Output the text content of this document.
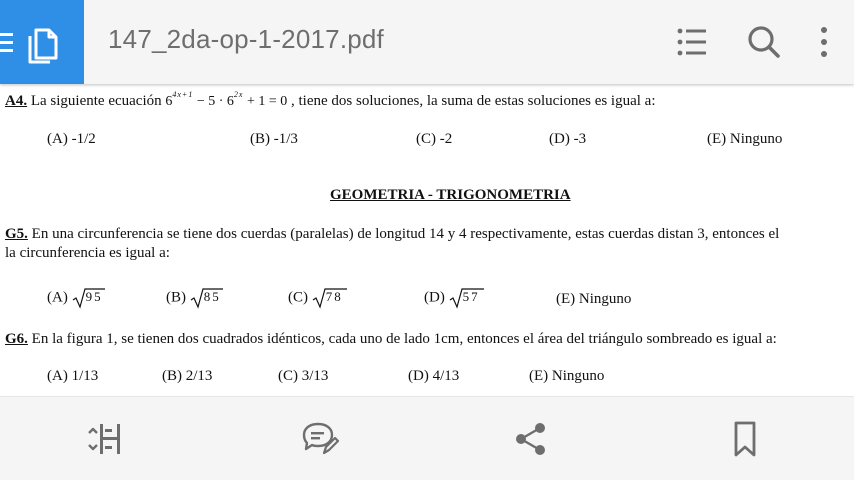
147_2da-op-1-2017.pdf
A4. La siguiente ecuación $6^{4x+1} - 5 \cdot 6^{2x} + 1 = 0$ , tiene dos soluciones, la suma de estas soluciones es igual a:
(A) -1/2	(B) -1/3	(C) -2	(D) -3	(E) Ninguno
GEOMETRIA - TRIGONOMETRIA
G5. En una circunferencia se tiene dos cuerdas (paralelas) de longitud 14 y 4 respectivamente, estas cuerdas distan 3, entonces el
la circunferencia es igual a:
(A) 95	(B) 85	(C) 78	(D) 57	(E) Ninguno
G6. En la figura 1, se tienen dos cuadrados idénticos, cada uno de lado 1cm, entonces el área del triángulo sombreado es igual a:
(A) 1/13	(B) 2/13	(C) 3/13	(D) 4/13	(E) Ninguno
